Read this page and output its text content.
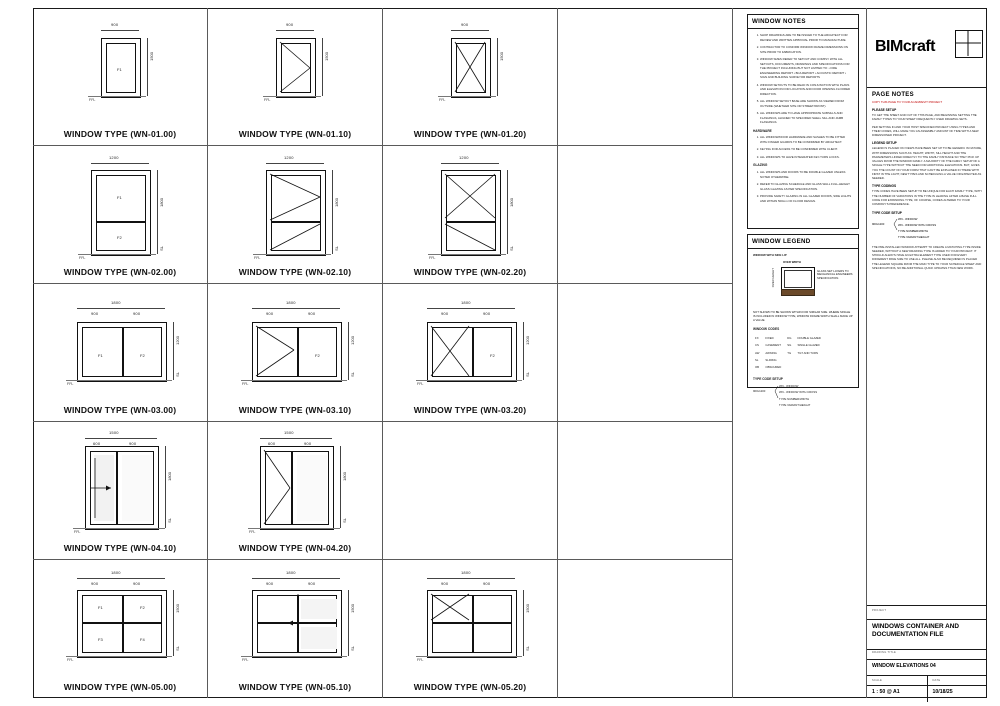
F1
900
1500
FFL
WINDOW TYPE (WN-01.00)
900
1500
FFL
WINDOW TYPE (WN-01.10)
900
1500
FFL
WINDOW TYPE (WN-01.20)
F1
F2
1200
1800
SL
FFL
WINDOW TYPE (WN-02.00)
1200
1800
SL
FFL
WINDOW TYPE (WN-02.10)
1200
1800
SL
FFL
WINDOW TYPE (WN-02.20)
F1	F2
1800
900	900
1200
SL
FFL
WINDOW TYPE (WN-03.00)
F2
1800
900	900
1200
SL
FFL
WINDOW TYPE (WN-03.10)
F2
1800
900	900
1200
SL
FFL
WINDOW TYPE (WN-03.20)
1500
600	900
1800
SL
FFL
WINDOW TYPE (WN-04.10)
1500
600	900
1800
SL
FFL
WINDOW TYPE (WN-04.20)
F1	F2
F3	F4
1800
900	900
1500
SL
FFL
WINDOW TYPE (WN-05.00)
1800
900	900
1500
SL
FFL
WINDOW TYPE (WN-05.10)
1800
900	900
1500
SL
FFL
WINDOW TYPE (WN-05.20)
WINDOW NOTES
1. SHOP DRAWINGS ARE TO BE ISSUED TO THE ARCHITECT FOR REVIEW AND WRITTEN APPROVAL PRIOR TO MANUFACTURE.
2. CONTRACTOR TO CONFIRM WINDOW FRAME DIMENSIONS ON SITE PRIOR TO FABRICATION.
3. WINDOW SIZES REFER TO SETOUT AND COMPLY WITH ALL SETOUTS, DOCUMENTS, DRAWINGS AND SPECIFICATIONS FOR THE PROJECT INCLUDING BUT NOT LIMITED TO: • FIRE ENGINEERING REPORT • BCA REPORT • ACOUSTIC REPORT • SIGN AND BUILDING SURVEYOR REPORTS
4. WINDOW SETOUTS TO BE READ IN CONJUNCTION WITH PLANS AND ELEVATION FOR LOCATION AND DOOR OPENING FLOORED DIRECTION.
5. ALL WINDOW SETOUT BASE ARE SHOWN AS VIEWED FROM OUTSIDE (WHETHER SITE OR STREET/FRONT).
6. ALL WINDOWS ARE TO HAVE APPROPRIATE SUBSILLS AND FLASHINGS, ALIGNED TO SPECIFIED SHELL SILL AND JAMB FLASHINGS.
HARDWARE
1. ALL WINDOW/DOOR HARDWARE AND SASHES TO BE FITTED WITH FINGER GUARDS TO BE CONFIRMED BY ARCHITECT.
2. KEYING FOR ACCESS TO BE CONFIRMED WITH CLIENT.
3. ALL WINDOWS TO HAVE INTEGRATED KEY-TURN LOCKS.
GLAZING
1. ALL WINDOWS AND DOORS TO BE DOUBLE GLAZED UNLESS NOTED OTHERWISE.
2. REFER TO GLAZING SCHEDULE AND GLASS WALL FULL-HEIGHT GLASS GLAZING AS PER SPECIFICATION.
3. PROVIDE SAFETY GLAZING IN ALL GLAZED DOORS, SIDE LIGHTS AND WITHIN 500mm OF FLOOR DESIGN.
WINDOW LEGEND
WINDOW WITH SIDE LIP
OVER WIDTH
OVER HEIGHT	GLASS SET LAYERS TO MECHANICAL ENGINEERS SPECIFICATION.
NOT SHOWN TO BE SHOWN WITHIN FOR SIMILAR SIZE. WHERE SINGLE IS INCLUDED IN WINDOW TYPE, WINDOW FRAME WIDTH SHALL MAKE UP A VALUE.
WINDOW CODES
FX	FIXED	DG	DOUBLE GLAZED
CS	CASEMENT	SG	SINGLE GLAZED
AW	AWNING	TG	TILT AND TURN
SL	SLIDING		
OB	OBSCURED		
TYPE CODE SETUP
900x1200
WN - WINDOW
WN - WINDOW WITH CROSS
TYPE NUMBER/WIDTH
TYPE VARIANT/HEIGHT
BIMcraft
PAGE NOTES
COPY THIS PAGE TO YOUR ACAD/REVIT PROJECT
PLEASE SETUP

TO GET THE SHEET AND OUT OF THIS PAGE, AND BEGINNING SETTING THE FAMILY TYPES TO YOUR SHEET FREQUENTLY USED DRAWING SETS.

PER SETTING IN AND YOUR HOST SPECIFIED PROJECT USING TYPES AND THEIR CODES, WILL MAKE YOU AN ASSEMBLY AMOUNT OF TIME WITH A NEW DIMENSIONED PROJECT.

LEGEND SETUP

LEGEND IS PLACED ON VIEWS HAVE BEEN SET UP TO BE GENERIC IN NATURE, WITH DIMENSIONS SUCH AS: HEIGHT, WIDTH, SILL HEIGHT AND THE PARAMETERS LINKED DIRECTLY TO THE FAMILY INSTANCE SO THEY PICK UP VALUES FROM THE WINDOW FAMILY. A MAJORITY OF THE FAMILY SETUP OF A SINGLE TYPE WITHOUT THE NEED FOR ADDITIONAL ELEVATIONS. BUT, GIVES YOU THE COUNT ON YOUR FORM THAT CAN'T BE EXPLAINED IN THERE WITH FIRST IN THE LIGHT, NEW TYPES AND SCHEDULING A VALUE OR EXPECTED AS NEEDED.

TYPE CODINGS

TYPE CODES HAVE BEEN SETUP TO BE UNIQUE FOR EACH FAMILY TYPE, WITH THE NUMBER OF VARIATIONS IN THE TYPE IN LEADING AFTER A BASE FULL CODE FOR EXPANDING TYPE, OF COURSE, CODES ALTERED TO YOUR COMPANY'S PREFERENCE.

TYPE CODE SETUP
900x1200
WN - WINDOW
WN - WINDOW WITH CROSS
TYPE NUMBER/WIDTH
TYPE VARIANT/HEIGHT

THE PRE-INSTALLED WINDOW ATTEMPT TO CREATE A MATCHING TYPE INSIDE NEEDED, WITHOUT A NEW DRAWING TYPE IS ADDED TO YOUR PROJECT. IT SHOULD ALWAYS HAVE AN EXTRA ELEMENT TYPE USED FOR EVERY DIFFERENT PANE SIZE TO USE ALL. PLEASE ALSO BE REQUIRED IS PLACED THE LEGEND SQUARE FROM THE MAIN TYPE TO YOUR SCHEDULE SHEET AND SPECIFICATIONS, NO BE ADDITIONAL QUICK UPDATES THAN NEW WORK.

PROJECT
WINDOWS CONTAINER AND DOCUMENTATION FILE
DRAWING TITLE
WINDOW ELEVATIONS 04
SCALE	DATE
1 : 50 @ A1	10/18/25
